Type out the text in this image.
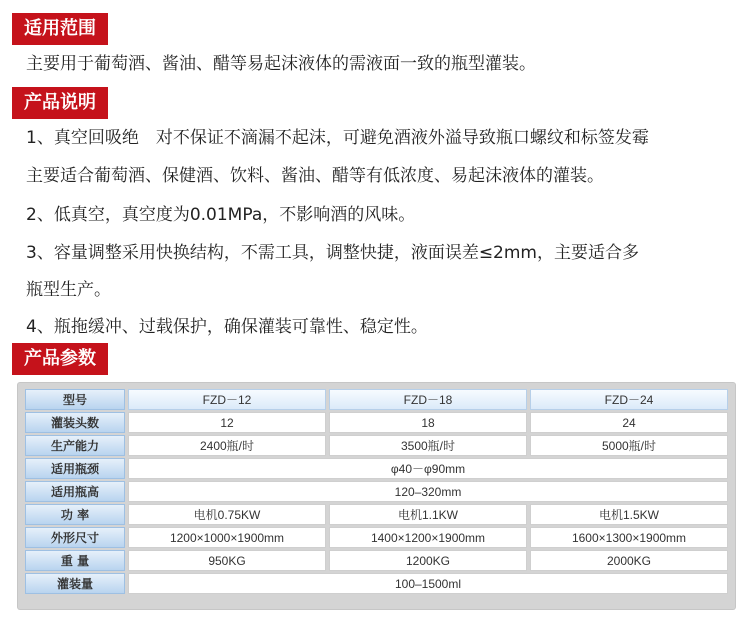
适用范围
主要用于葡萄酒、酱油、醋等易起沫液体的需液面一致的瓶型灌装。
产品说明
1、真空回吸绝　对不保证不滴漏不起沫，可避免酒液外溢导致瓶口螺纹和标签发霉
主要适合葡萄酒、保健酒、饮料、酱油、醋等有低浓度、易起沫液体的灌装。
2、低真空，真空度为0.01MPa，不影响酒的风味。
3、容量调整采用快换结构，不需工具，调整快捷，液面误差≤2mm，主要适合多
瓶型生产。
4、瓶拖缓冲、过载保护，确保灌装可靠性、稳定性。
产品参数
型号	FZD－12	FZD－18	FZD－24
灌装头数	12	18	24
生产能力	2400瓶/时	3500瓶/时	5000瓶/时
适用瓶颈	φ40－φ90mm		
适用瓶高	120–320mm		
功 率	电机0.75KW	电机1.1KW	电机1.5KW
外形尺寸	1200×1000×1900mm	1400×1200×1900mm	1600×1300×1900mm
重 量	950KG	1200KG	2000KG
灌装量	100–1500ml		
